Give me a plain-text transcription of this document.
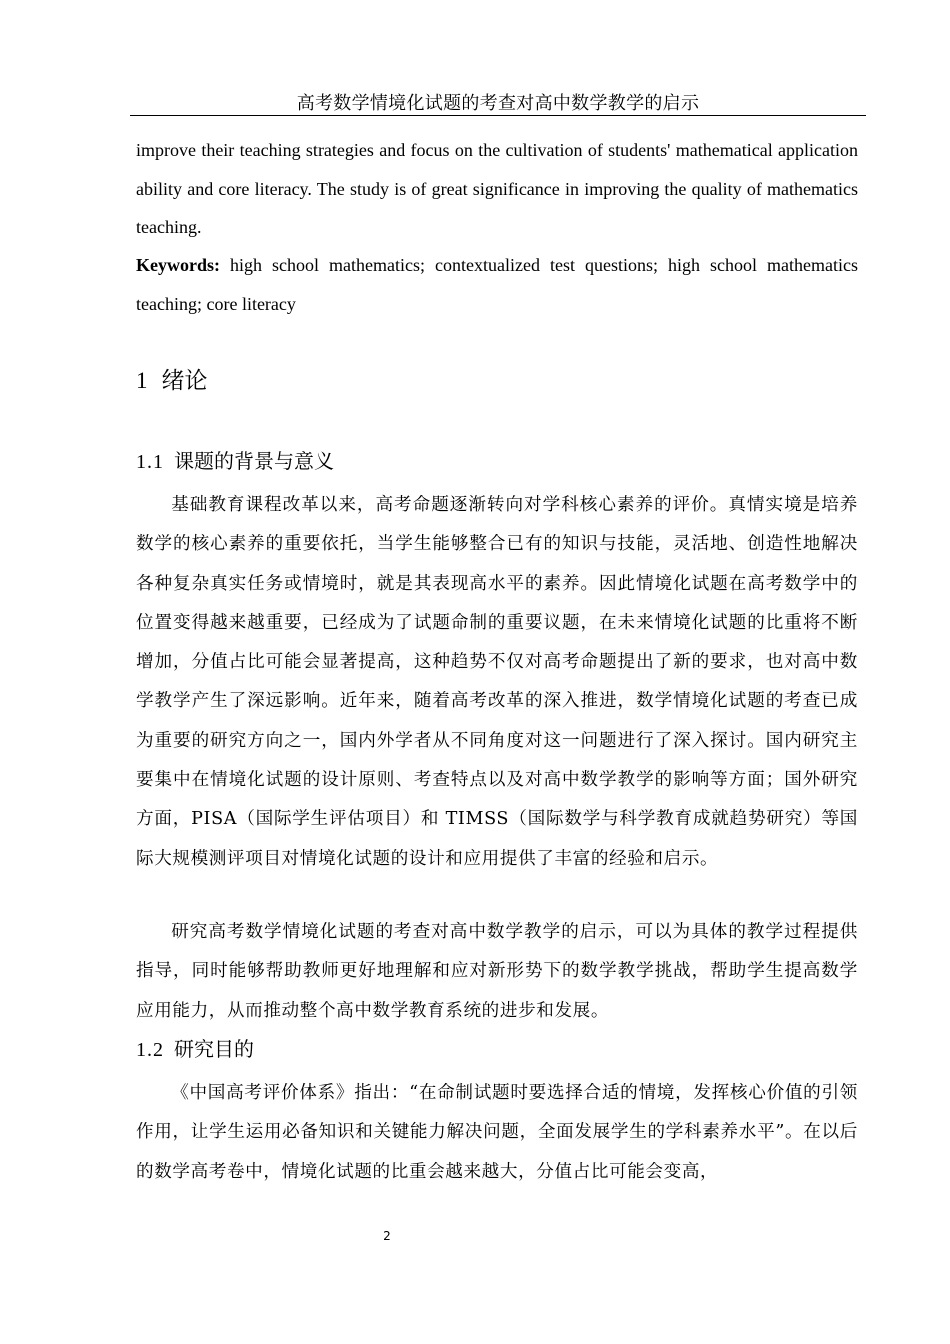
高考数学情境化试题的考查对高中数学教学的启示
improve their teaching strategies and focus on the cultivation of students' mathematical application ability and core literacy. The study is of great significance in improving the quality of mathematics teaching.
Keywords: high school mathematics; contextualized test questions; high school mathematics teaching; core literacy
1 绪论
1.1 课题的背景与意义

基础教育课程改革以来，高考命题逐渐转向对学科核心素养的评价。真情实境是培养数学的核心素养的重要依托，当学生能够整合已有的知识与技能，灵活地、创造性地解决各种复杂真实任务或情境时，就是其表现高水平的素养。因此情境化试题在高考数学中的位置变得越来越重要，已经成为了试题命制的重要议题，在未来情境化试题的比重将不断增加，分值占比可能会显著提高，这种趋势不仅对高考命题提出了新的要求，也对高中数学教学产生了深远影响。近年来，随着高考改革的深入推进，数学情境化试题的考查已成为重要的研究方向之一，国内外学者从不同角度对这一问题进行了深入探讨。国内研究主要集中在情境化试题的设计原则、考查特点以及对高中数学教学的影响等方面；国外研究方面，PISA（国际学生评估项目）和 TIMSS（国际数学与科学教育成就趋势研究）等国际大规模测评项目对情境化试题的设计和应用提供了丰富的经验和启示。

研究高考数学情境化试题的考查对高中数学教学的启示，可以为具体的教学过程提供指导，同时能够帮助教师更好地理解和应对新形势下的数学教学挑战，帮助学生提高数学应用能力，从而推动整个高中数学教育系统的进步和发展。

1.2 研究目的

《中国高考评价体系》指出：“在命制试题时要选择合适的情境，发挥核心价值的引领作用，让学生运用必备知识和关键能力解决问题，全面发展学生的学科素养水平”。在以后的数学高考卷中，情境化试题的比重会越来越大，分值占比可能会变高，

2
